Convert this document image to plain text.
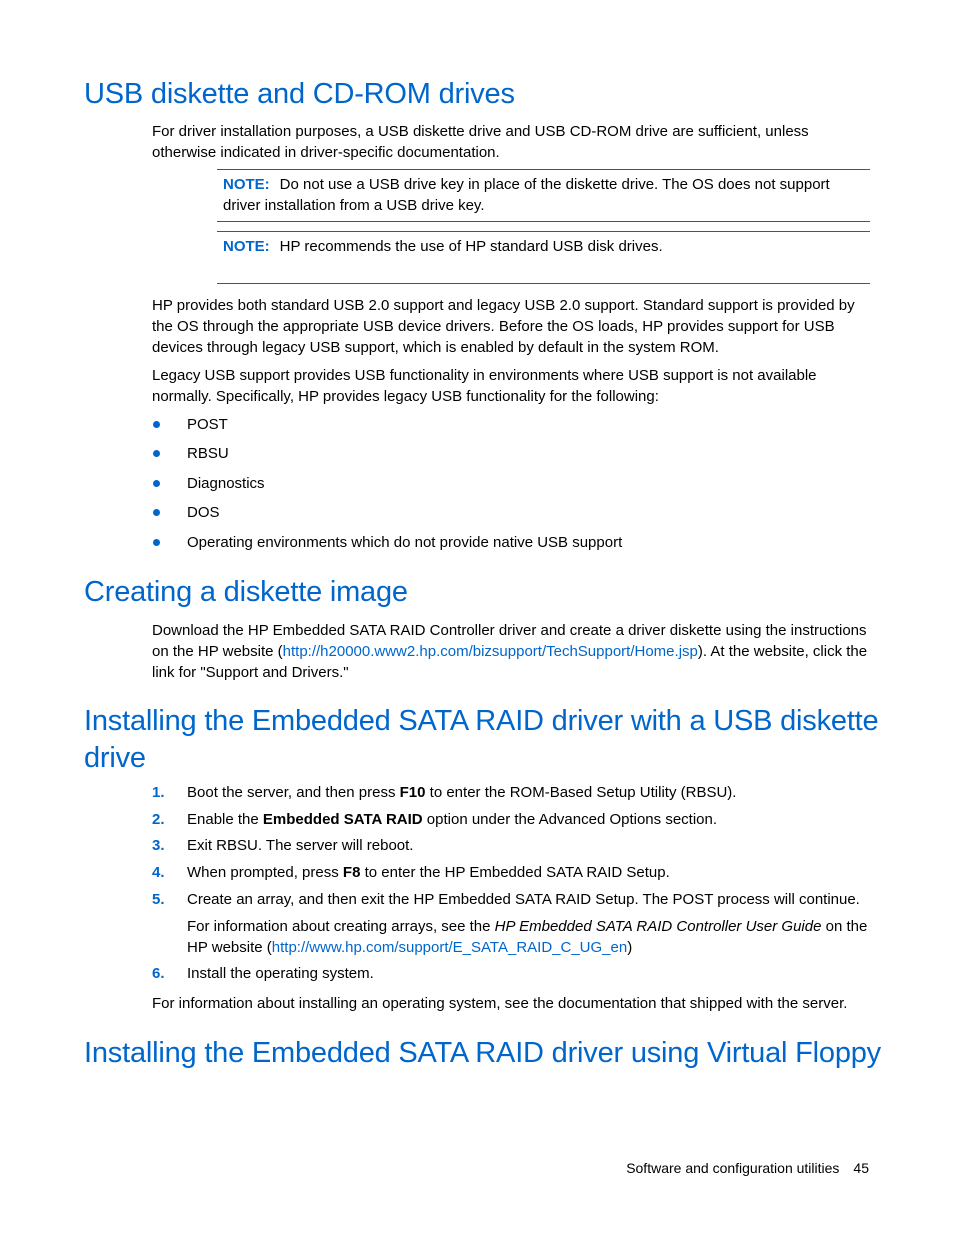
USB diskette and CD-ROM drives

For driver installation purposes, a USB diskette drive and USB CD-ROM drive are sufficient, unless otherwise indicated in driver-specific documentation.

NOTE: Do not use a USB drive key in place of the diskette drive. The OS does not support driver installation from a USB drive key.
NOTE: HP recommends the use of HP standard USB disk drives.

HP provides both standard USB 2.0 support and legacy USB 2.0 support. Standard support is provided by the OS through the appropriate USB device drivers. Before the OS loads, HP provides support for USB devices through legacy USB support, which is enabled by default in the system ROM.

Legacy USB support provides USB functionality in environments where USB support is not available normally. Specifically, HP provides legacy USB functionality for the following:

POST
RBSU
Diagnostics
DOS
Operating environments which do not provide native USB support
Creating a diskette image

Download the HP Embedded SATA RAID Controller driver and create a driver diskette using the instructions on the HP website (http://h20000.www2.hp.com/bizsupport/TechSupport/Home.jsp). At the website, click the link for "Support and Drivers."

Installing the Embedded SATA RAID driver with a USB diskette
drive
1. Boot the server, and then press F10 to enter the ROM-Based Setup Utility (RBSU).
2. Enable the Embedded SATA RAID option under the Advanced Options section.
3. Exit RBSU. The server will reboot.
4. When prompted, press F8 to enter the HP Embedded SATA RAID Setup.
5. Create an array, and then exit the HP Embedded SATA RAID Setup. The POST process will continue.
For information about creating arrays, see the HP Embedded SATA RAID Controller User Guide on the HP website (http://www.hp.com/support/E_SATA_RAID_C_UG_en)
6. Install the operating system.

For information about installing an operating system, see the documentation that shipped with the server.

Installing the Embedded SATA RAID driver using Virtual Floppy
Software and configuration utilities 45
